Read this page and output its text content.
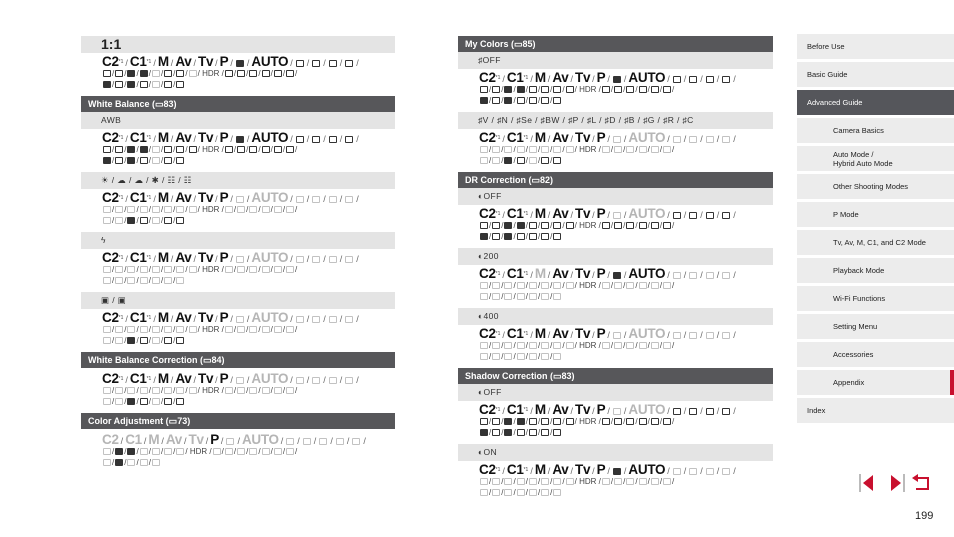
1:1
C2$^{*1}$ / C1$^{*1}$ / M / Av / Tv / P / / AUTO / / / / /
/ / / / / / / / HDR / / / / / / /
/ / / / / /
White Balance (▭83)
AWB
C2$^{*1}$ / C1$^{*1}$ / M / Av / Tv / P / / AUTO / / / / /
/ / / / / / / / HDR / / / / / / /
/ / / / / /
☀ / ☁ / ☁ / ✱ / ☷ / ☷
C2$^{*1}$ / C1$^{*1}$ / M / Av / Tv / P / / AUTO / / / / /
/ / / / / / / / HDR / / / / / / /
/ / / / / /
ϟ
C2$^{*1}$ / C1$^{*1}$ / M / Av / Tv / P / / AUTO / / / / /
/ / / / / / / / HDR / / / / / / /
/ / / / / /
▣ / ▣
C2$^{*1}$ / C1$^{*1}$ / M / Av / Tv / P / / AUTO / / / / /
/ / / / / / / / HDR / / / / / / /
/ / / / / /
White Balance Correction (▭84)
C2$^{*1}$ / C1$^{*1}$ / M / Av / Tv / P / / AUTO / / / / /
/ / / / / / / / HDR / / / / / / /
/ / / / / /
Color Adjustment (▭73)
C2 / C1 / M / Av / Tv / P / / AUTO / / / / / /
/ / / / / / / HDR / / / / / / / /
/ / / /
My Colors (▭85)
♯OFF
C2$^{*1}$ / C1$^{*1}$ / M / Av / Tv / P / / AUTO / / / / /
/ / / / / / / / HDR / / / / / / /
/ / / / / /
♯V / ♯N / ♯Se / ♯BW / ♯P / ♯L / ♯D / ♯B / ♯G / ♯R / ♯C
C2$^{*1}$ / C1$^{*1}$ / M / Av / Tv / P / / AUTO / / / / /
/ / / / / / / / HDR / / / / / / /
/ / / / / /
DR Correction (▭82)
◐OFF
C2$^{*1}$ / C1$^{*1}$ / M / Av / Tv / P / / AUTO / / / / /
/ / / / / / / / HDR / / / / / / /
/ / / / / /
◐200
C2$^{*1}$ / C1$^{*1}$ / M / Av / Tv / P / / AUTO / / / / /
/ / / / / / / / HDR / / / / / / /
/ / / / / /
◐400
C2$^{*1}$ / C1$^{*1}$ / M / Av / Tv / P / / AUTO / / / / /
/ / / / / / / / HDR / / / / / / /
/ / / / / /
Shadow Correction (▭83)
◐OFF
C2$^{*1}$ / C1$^{*1}$ / M / Av / Tv / P / / AUTO / / / / /
/ / / / / / / / HDR / / / / / / /
/ / / / / /
◐ON
C2$^{*1}$ / C1$^{*1}$ / M / Av / Tv / P / / AUTO / / / / /
/ / / / / / / / HDR / / / / / / /
/ / / / / /
Before Use
Basic Guide
Advanced Guide
Camera Basics
Auto Mode /
Hybrid Auto Mode
Other Shooting Modes
P Mode
Tv, Av, M, C1, and C2 Mode
Playback Mode
Wi-Fi Functions
Setting Menu
Accessories
Appendix
Index
199
